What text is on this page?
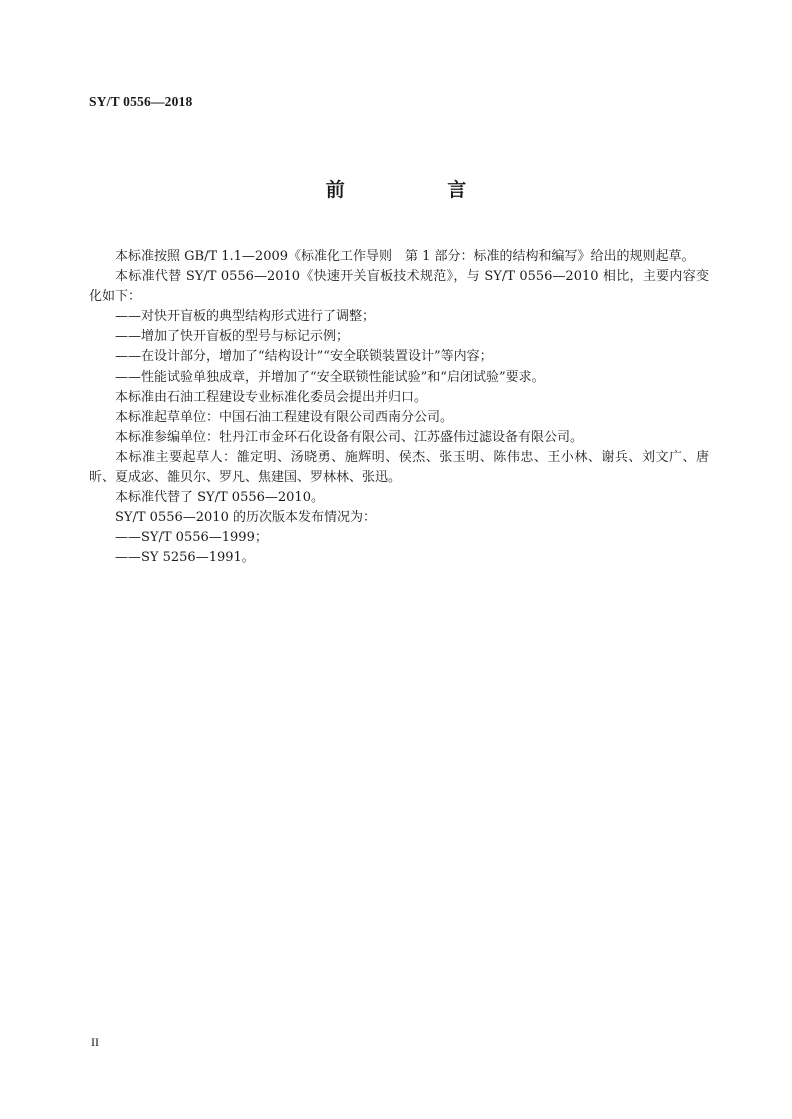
SY/T 0556—2018
前 言

本标准按照 GB/T 1.1—2009《标准化工作导则　第 1 部分：标准的结构和编写》给出的规则起草。

本标准代替 SY/T 0556—2010《快速开关盲板技术规范》，与 SY/T 0556—2010 相比，主要内容变化如下：

——对快开盲板的典型结构形式进行了调整；

——增加了快开盲板的型号与标记示例；

——在设计部分，增加了“结构设计”“安全联锁装置设计”等内容；

——性能试验单独成章，并增加了“安全联锁性能试验”和“启闭试验”要求。

本标准由石油工程建设专业标准化委员会提出并归口。

本标准起草单位：中国石油工程建设有限公司西南分公司。

本标准参编单位：牡丹江市金环石化设备有限公司、江苏盛伟过滤设备有限公司。

本标准主要起草人：雒定明、汤晓勇、施辉明、侯杰、张玉明、陈伟忠、王小林、谢兵、刘文广、唐昕、夏成宓、雒贝尔、罗凡、焦建国、罗林林、张迅。

本标准代替了 SY/T 0556—2010。

SY/T 0556—2010 的历次版本发布情况为：

——SY/T 0556—1999；

——SY 5256—1991。

II
